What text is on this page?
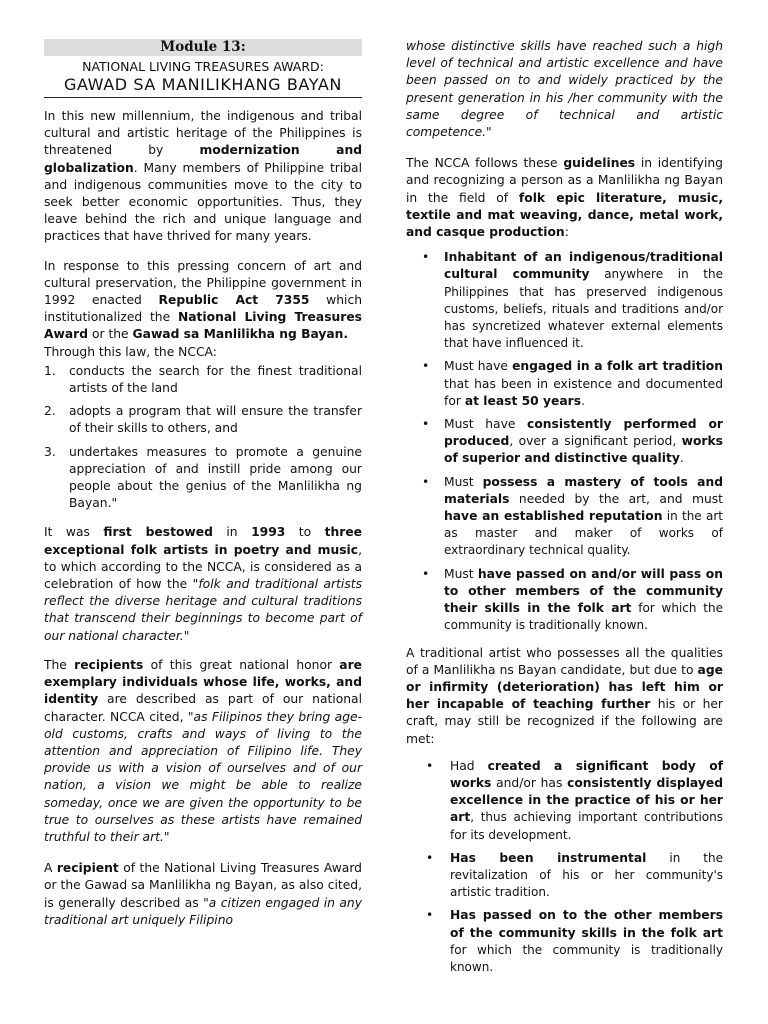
Module 13:
NATIONAL LIVING TREASURES AWARD:
GAWAD SA MANILIKHANG BAYAN

In this new millennium, the indigenous and tribal cultural and artistic heritage of the Philippines is threatened by modernization and globalization. Many members of Philippine tribal and indigenous communities move to the city to seek better economic opportunities. Thus, they leave behind the rich and unique language and practices that have thrived for many years.

In response to this pressing concern of art and cultural preservation, the Philippine government in 1992 enacted Republic Act 7355 which institutionalized the National Living Treasures Award or the Gawad sa Manlilikha ng Bayan.

Through this law, the NCCA:

1.	conducts the search for the finest traditional artists of the land
2.	adopts a program that will ensure the transfer of their skills to others, and
3.	undertakes measures to promote a genuine appreciation of and instill pride among our people about the genius of the Manlilikha ng Bayan."

It was first bestowed in 1993 to three exceptional folk artists in poetry and music, to which according to the NCCA, is considered as a celebration of how the "folk and traditional artists reflect the diverse heritage and cultural traditions that transcend their beginnings to become part of our national character."

The recipients of this great national honor are exemplary individuals whose life, works, and identity are described as part of our national character. NCCA cited, "as Filipinos they bring age-old customs, crafts and ways of living to the attention and appreciation of Filipino life. They provide us with a vision of ourselves and of our nation, a vision we might be able to realize someday, once we are given the opportunity to be true to ourselves as these artists have remained truthful to their art."

A recipient of the National Living Treasures Award or the Gawad sa Manlilikha ng Bayan, as also cited, is generally described as "a citizen engaged in any traditional art uniquely Filipino

whose distinctive skills have reached such a high level of technical and artistic excellence and have been passed on to and widely practiced by the present generation in his /her community with the same degree of technical and artistic competence."

The NCCA follows these guidelines in identifying and recognizing a person as a Manlilikha ng Bayan in the field of folk epic literature, music, textile and mat weaving, dance, metal work, and casque production:

•	Inhabitant of an indigenous/traditional cultural community anywhere in the Philippines that has preserved indigenous customs, beliefs, rituals and traditions and/or has syncretized whatever external elements that have influenced it.
•	Must have engaged in a folk art tradition that has been in existence and documented for at least 50 years.
•	Must have consistently performed or produced, over a significant period, works of superior and distinctive quality.
•	Must possess a mastery of tools and materials needed by the art, and must have an established reputation in the art as master and maker of works of extraordinary technical quality.
•	Must have passed on and/or will pass on to other members of the community their skills in the folk art for which the community is traditionally known.

A traditional artist who possesses all the qualities of a Manlilikha ns Bayan candidate, but due to age or infirmity (deterioration) has left him or her incapable of teaching further his or her craft, may still be recognized if the following are met:

•	Had created a significant body of works and/or has consistently displayed excellence in the practice of his or her art, thus achieving important contributions for its development.
•	Has been instrumental in the revitalization of his or her community's artistic tradition.
•	Has passed on to the other members of the community skills in the folk art for which the community is traditionally known.
